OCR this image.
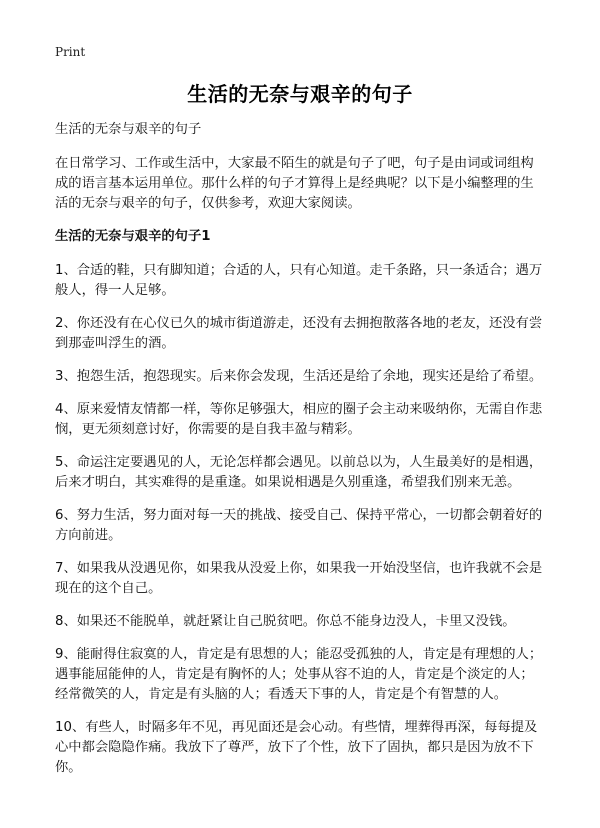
Print
生活的无奈与艰辛的句子
生活的无奈与艰辛的句子
在日常学习、工作或生活中，大家最不陌生的就是句子了吧，句子是由词或词组构成的语言基本运用单位。那什么样的句子才算得上是经典呢？以下是小编整理的生活的无奈与艰辛的句子，仅供参考，欢迎大家阅读。
生活的无奈与艰辛的句子1
1、合适的鞋，只有脚知道；合适的人，只有心知道。走千条路，只一条适合；遇万般人，得一人足够。
2、你还没有在心仪已久的城市街道游走，还没有去拥抱散落各地的老友，还没有尝到那壶叫浮生的酒。
3、抱怨生活，抱怨现实。后来你会发现，生活还是给了余地，现实还是给了希望。
4、原来爱情友情都一样，等你足够强大，相应的圈子会主动来吸纳你，无需自作悲悯，更无须刻意讨好，你需要的是自我丰盈与精彩。
5、命运注定要遇见的人，无论怎样都会遇见。以前总以为，人生最美好的是相遇，后来才明白，其实难得的是重逢。如果说相遇是久别重逢，希望我们别来无恙。
6、努力生活，努力面对每一天的挑战、接受自己、保持平常心，一切都会朝着好的方向前进。
7、如果我从没遇见你，如果我从没爱上你，如果我一开始没坚信，也许我就不会是现在的这个自己。
8、如果还不能脱单，就赶紧让自己脱贫吧。你总不能身边没人，卡里又没钱。
9、能耐得住寂寞的人，肯定是有思想的人；能忍受孤独的人，肯定是有理想的人；遇事能屈能伸的人，肯定是有胸怀的人；处事从容不迫的人，肯定是个淡定的人；经常微笑的人，肯定是有头脑的人；看透天下事的人，肯定是个有智慧的人。
10、有些人，时隔多年不见，再见面还是会心动。有些情，埋葬得再深，每每提及心中都会隐隐作痛。我放下了尊严，放下了个性，放下了固执，都只是因为放不下你。
